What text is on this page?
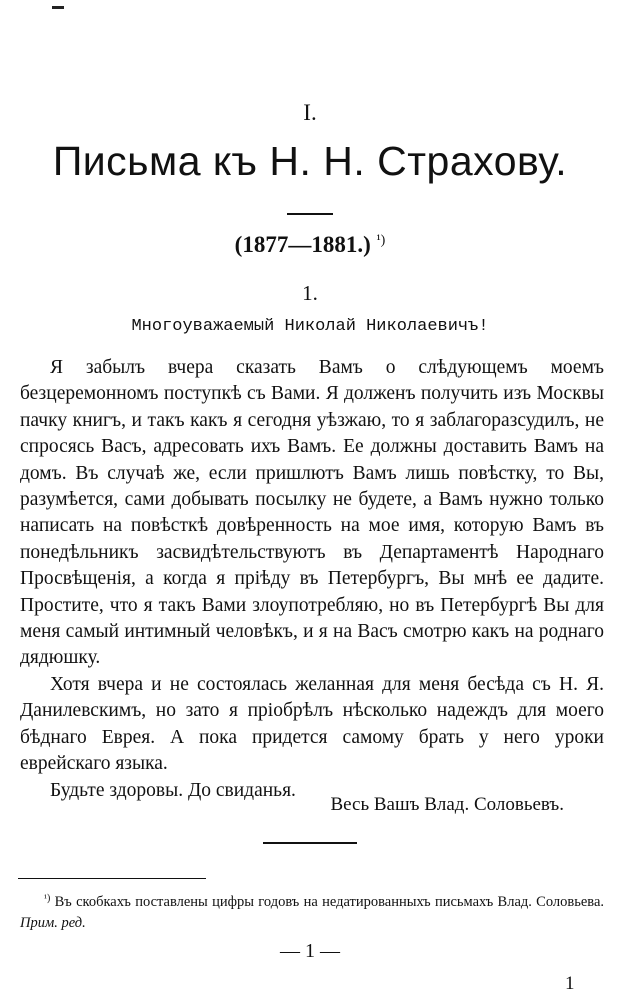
I.
Письма къ Н. Н. Страхову.
(1877—1881.) $^{^1)}$
1.
Многоуважаемый Николай Николаевичъ!

Я забылъ вчера сказать Вамъ о слѣдующемъ моемъ безцеремонномъ поступкѣ съ Вами. Я долженъ получить изъ Москвы пачку книгъ, и такъ какъ я сегодня уѣзжаю, то я заблагоразсудилъ, не спросясь Васъ, адресовать ихъ Вамъ. Ее должны доставить Вамъ на домъ. Въ случаѣ же, если пришлютъ Вамъ лишь повѣстку, то Вы, разумѣется, сами добывать посылку не будете, а Вамъ нужно только написать на повѣсткѣ довѣренность на мое имя, которую Вамъ въ понедѣльникъ засвидѣтельствуютъ въ Департаментѣ Народнаго Просвѣщенія, а когда я пріѣду въ Петербургъ, Вы мнѣ ее дадите. Простите, что я такъ Вами злоупотребляю, но въ Петербургѣ Вы для меня самый интимный человѣкъ, и я на Васъ смотрю какъ на роднаго дядюшку.

Хотя вчера и не состоялась желанная для меня бесѣда съ Н. Я. Данилевскимъ, но зато я пріобрѣлъ нѣсколько надеждъ для моего бѣднаго Еврея. А пока придется самому брать у него уроки еврейскаго языка.

Будьте здоровы. До свиданья.

Весь Вашъ Влад. Соловьевъ.
$^{^1)}$ Въ скобкахъ поставлены цифры годовъ на недатированныхъ письмахъ Влад. Соловьева. Прим. ред.
— 1 —
1
